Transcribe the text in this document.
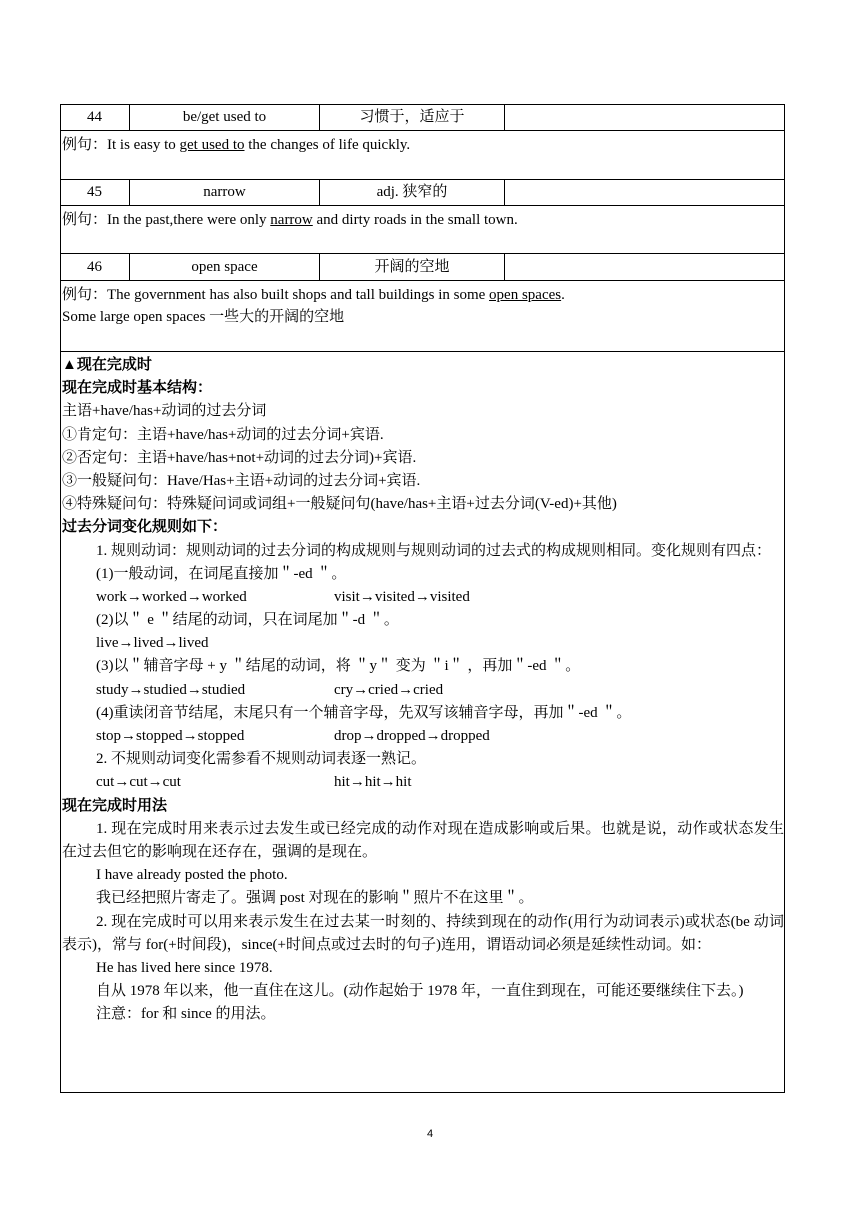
44	be/get used to	习惯于，适应于
例句：It is easy to get used to the changes of life quickly.
45	narrow	adj. 狭窄的
例句：In the past,there were only narrow and dirty roads in the small town.
46	open space	开阔的空地
例句：The government has also built shops and tall buildings in some open spaces.
Some large open spaces 一些大的开阔的空地
▲现在完成时
现在完成时基本结构：
主语+have/has+动词的过去分词
①肯定句：主语+have/has+动词的过去分词+宾语.
②否定句：主语+have/has+not+动词的过去分词)+宾语.
③一般疑问句：Have/Has+主语+动词的过去分词+宾语.
④特殊疑问句：特殊疑问词或词组+一般疑问句(have/has+主语+过去分词(V-ed)+其他)
过去分词变化规则如下：
1. 规则动词：规则动词的过去分词的构成规则与规则动词的过去式的构成规则相同。变化规则有四点：
(1)一般动词，在词尾直接加＂-ed ＂。
work→worked→worked	visit→visited→visited
(2)以＂ e ＂结尾的动词，只在词尾加＂-d ＂。
live→lived→lived
(3)以＂辅音字母 + y ＂结尾的动词，将 ＂y＂ 变为 ＂i＂ ，再加＂-ed ＂。
study→studied→studied	cry→cried→cried
(4)重读闭音节结尾，末尾只有一个辅音字母，先双写该辅音字母，再加＂-ed ＂。
stop→stopped→stopped	drop→dropped→dropped
2. 不规则动词变化需参看不规则动词表逐一熟记。
cut→cut→cut	hit→hit→hit
现在完成时用法
1. 现在完成时用来表示过去发生或已经完成的动作对现在造成影响或后果。也就是说，动作或状态发生在过去但它的影响现在还存在，强调的是现在。
I have already posted the photo.
我已经把照片寄走了。强调 post 对现在的影响＂照片不在这里＂。
2. 现在完成时可以用来表示发生在过去某一时刻的、持续到现在的动作(用行为动词表示)或状态(be 动词表示)，常与 for(+时间段)，since(+时间点或过去时的句子)连用，谓语动词必须是延续性动词。如：
He has lived here since 1978.
自从 1978 年以来，他一直住在这儿。(动作起始于 1978 年，一直住到现在，可能还要继续住下去。)
注意：for 和 since 的用法。
4
